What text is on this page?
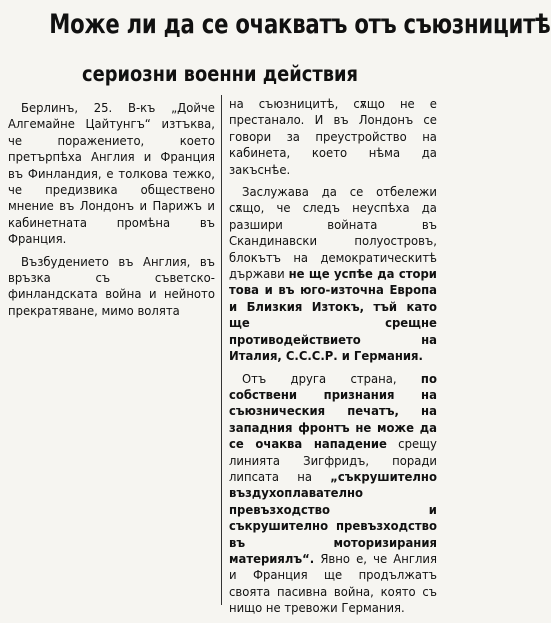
Може ли да се очакватъ отъ съюзницитѣ
сериозни военни действия

Берлинъ, 25. В-къ „Дойче Алгемайне Цайтунгъ“ изтъква, че поражението, което претърпѣха Англия и Франция въ Финландия, е толкова тежко, че предизвика обществено мнение въ Лондонъ и Парижъ и кабинетната промѣна въ Франция.

Възбудението въ Англия, въ връзка съ съветско-финландската война и нейното прекратяване, мимо волята

на съюзницитѣ, сѫщо не е престанало. И въ Лондонъ се говори за преустройство на кабинета, което нѣма да закъснѣе.

Заслужава да се отбележи сѫщо, че следъ неуспѣха да разшири войната въ Скандинавски полуостровъ, блокътъ на демократическитѣ държави не ще успѣе да стори това и въ юго-източна Европа и Близкия Изтокъ, тъй като ще срещне противодействието на Италия, С.С.С.Р. и Германия.

Отъ друга страна, по собствени признания на съюзническия печатъ, на западния фронтъ не може да се очаква нападение срещу линията Зигфридъ, поради липсата на „съкрушително въздухоплавателно превъзходство и съкрушително превъзходство въ моторизирания материялъ“. Явно е, че Англия и Франция ще продължатъ своята пасивна война, която съ нищо не тревожи Германия.
